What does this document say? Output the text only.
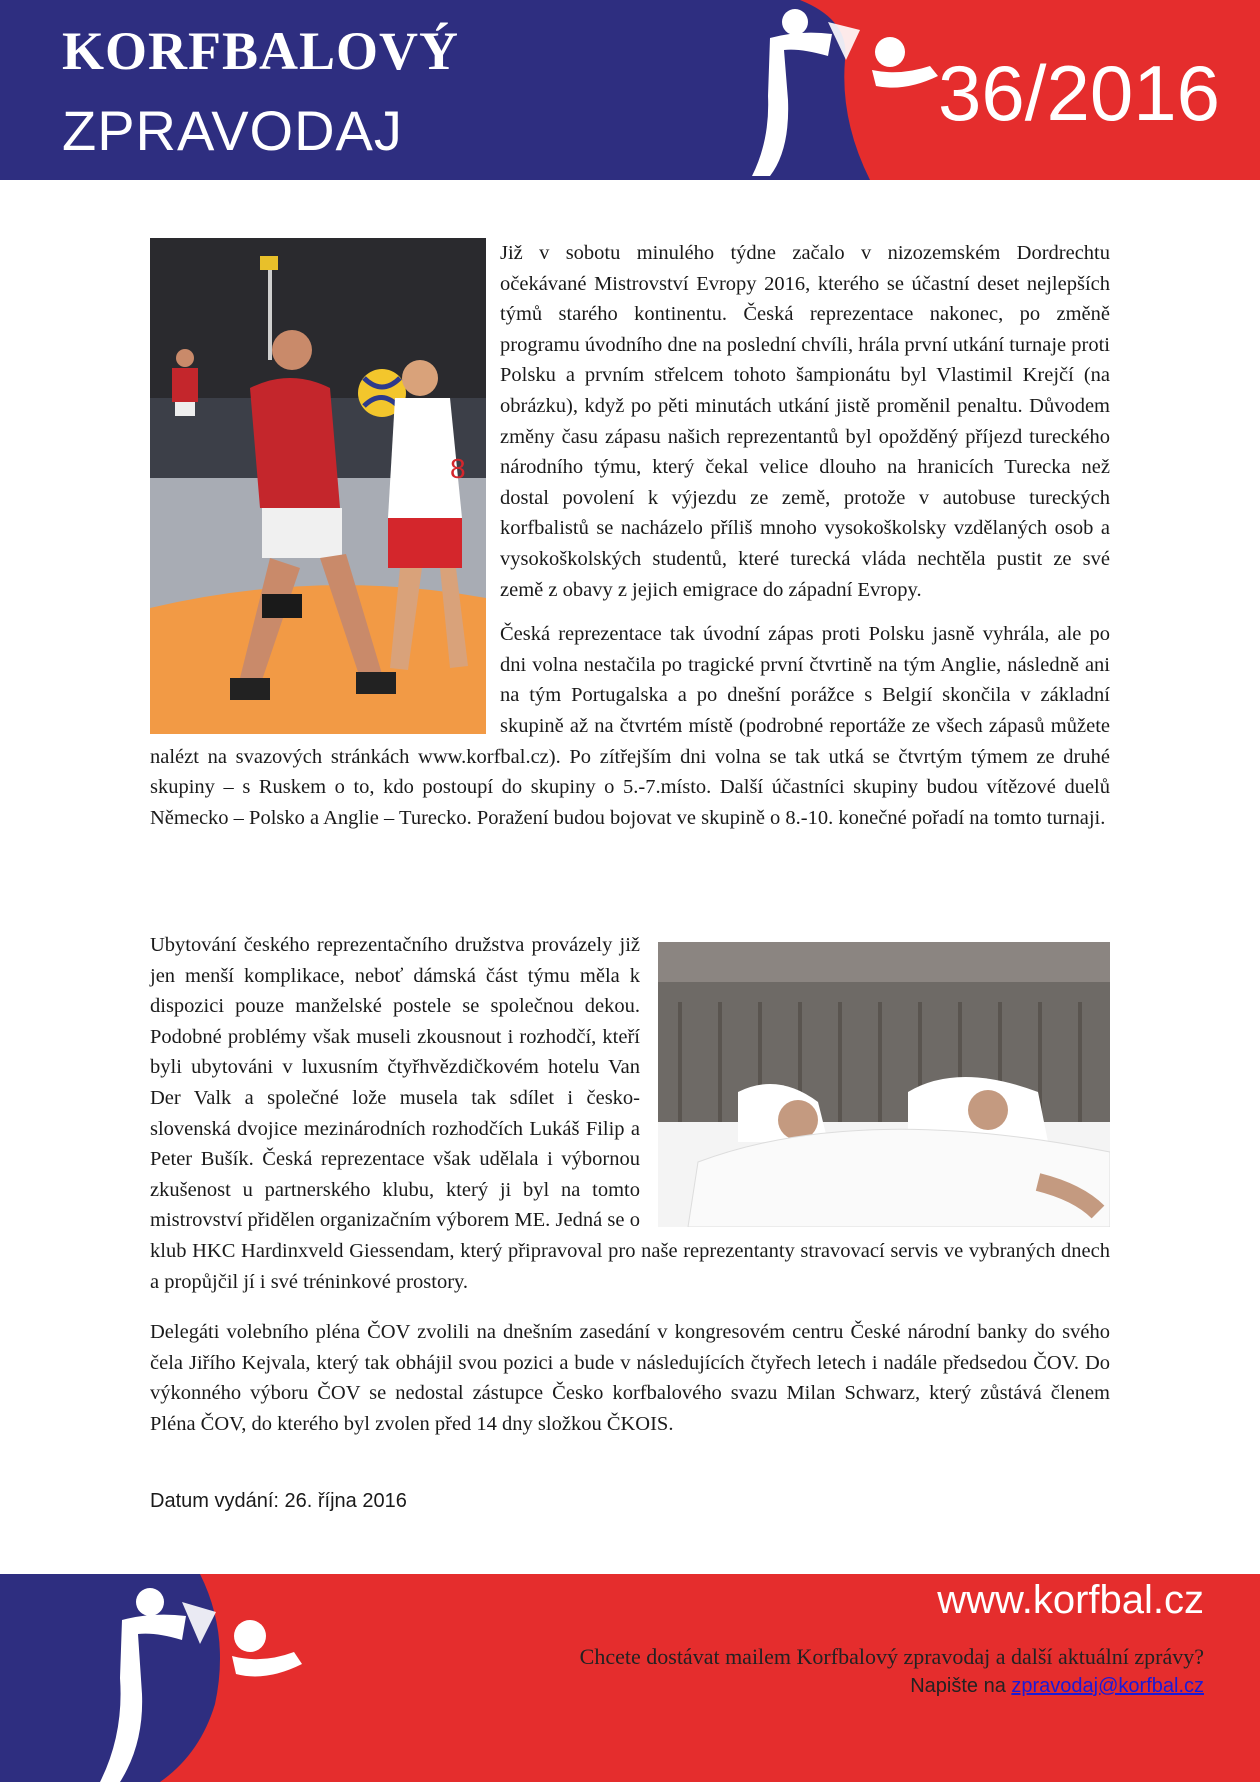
KORFBALOVÝ
ZPRAVODAJ	36/2016
8

Již v sobotu minulého týdne začalo v nizozemském Dordrechtu očekávané Mistrovství Evropy 2016, kterého se účastní deset nejlepších týmů starého kontinentu. Česká reprezentace nakonec, po změně programu úvodního dne na poslední chvíli, hrála první utkání turnaje proti Polsku a prvním střelcem tohoto šampionátu byl Vlastimil Krejčí (na obrázku), když po pěti minutách utkání jistě proměnil penaltu. Důvodem změny času zápasu našich reprezentantů byl opožděný příjezd tureckého národního týmu, který čekal velice dlouho na hranicích Turecka než dostal povolení k výjezdu ze země, protože v autobuse tureckých korfbalistů se nacházelo příliš mnoho vysokoškolsky vzdělaných osob a vysokoškolských studentů, které turecká vláda nechtěla pustit ze své země z obavy z jejich emigrace do západní Evropy.

Česká reprezentace tak úvodní zápas proti Polsku jasně vyhrála, ale po dni volna nestačila po tragické první čtvrtině na tým Anglie, následně ani na tým Portugalska a po dnešní porážce s Belgií skončila v základní skupině až na čtvrtém místě (podrobné reportáže ze všech zápasů můžete nalézt na svazových stránkách www.korfbal.cz). Po zítřejším dni volna se tak utká se čtvrtým týmem ze druhé skupiny – s Ruskem o to, kdo postoupí do skupiny o 5.-7.místo. Další účastníci skupiny budou vítězové duelů Německo – Polsko a Anglie – Turecko. Poražení budou bojovat ve skupině o 8.-10. konečné pořadí na tomto turnaji.

Ubytování českého reprezentačního družstva provázely již jen menší komplikace, neboť dámská část týmu měla k dispozici pouze manželské postele se společnou dekou. Podobné problémy však museli zkousnout i rozhodčí, kteří byli ubytováni v luxusním čtyřhvězdičkovém hotelu Van Der Valk a společné lože musela tak sdílet i česko-slovenská dvojice mezinárodních rozhodčích Lukáš Filip a Peter Bušík. Česká reprezentace však udělala i výbornou zkušenost u partnerského klubu, který ji byl na tomto mistrovství přidělen organizačním výborem ME. Jedná se o klub HKC Hardinxveld Giessendam, který připravoval pro naše reprezentanty stravovací servis ve vybraných dnech a propůjčil jí i své tréninkové prostory.

Delegáti volebního pléna ČOV zvolili na dnešním zasedání v kongresovém centru České národní banky do svého čela Jiřího Kejvala, který tak obhájil svou pozici a bude v následujících čtyřech letech i nadále předsedou ČOV. Do výkonného výboru ČOV se nedostal zástupce Česko korfbalového svazu Milan Schwarz, který zůstává členem Pléna ČOV, do kterého byl zvolen před 14 dny složkou ČKOIS.

Datum vydání: 26. října 2016
www.korfbal.cz
Chcete dostávat mailem Korfbalový zpravodaj a další aktuální zprávy?
Napište na zpravodaj@korfbal.cz
